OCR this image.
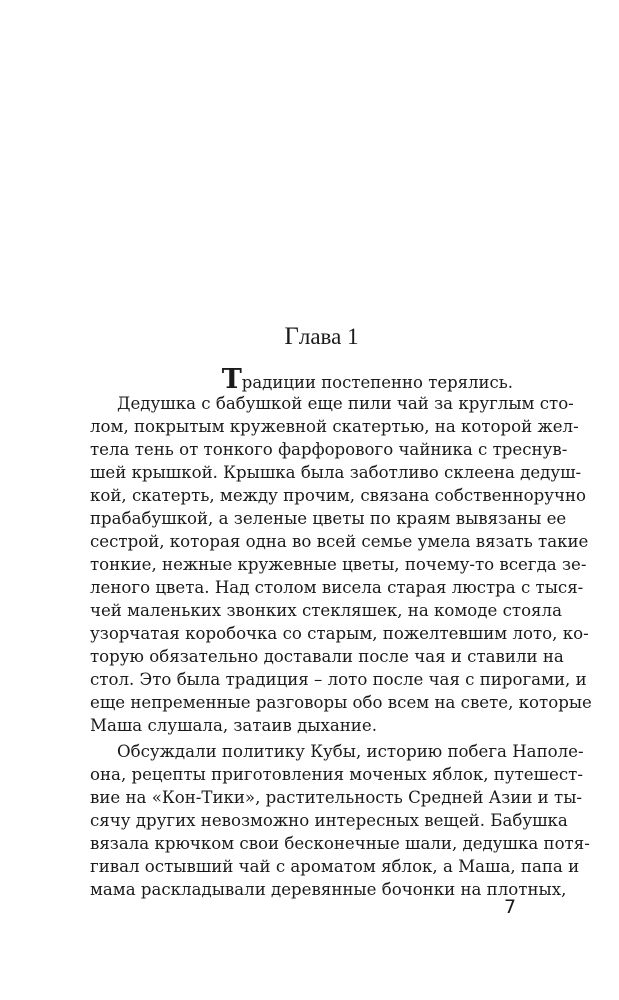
Глава 1
Традиции постепенно терялись.
Дедушка с бабушкой еще пили чай за круглым сто-
лом, покрытым кружевной скатертью, на которой жел-
тела тень от тонкого фарфорового чайника с треснув-
шей крышкой. Крышка была заботливо склеена дедуш-
кой, скатерть, между прочим, связана собственноручно
прабабушкой, а зеленые цветы по краям вывязаны ее
сестрой, которая одна во всей семье умела вязать такие
тонкие, нежные кружевные цветы, почему-то всегда зе-
леного цвета. Над столом висела старая люстра с тыся-
чей маленьких звонких стекляшек, на комоде стояла
узорчатая коробочка со старым, пожелтевшим лото, ко-
торую обязательно доставали после чая и ставили на
стол. Это была традиция – лото после чая с пирогами, и
еще непременные разговоры обо всем на свете, которые
Маша слушала, затаив дыхание.
Обсуждали политику Кубы, историю побега Наполе-
она, рецепты приготовления моченых яблок, путешест-
вие на «Кон-Тики», растительность Средней Азии и ты-
сячу других невозможно интересных вещей. Бабушка
вязала крючком свои бесконечные шали, дедушка потя-
гивал остывший чай с ароматом яблок, а Маша, папа и
мама раскладывали деревянные бочонки на плотных,
7
